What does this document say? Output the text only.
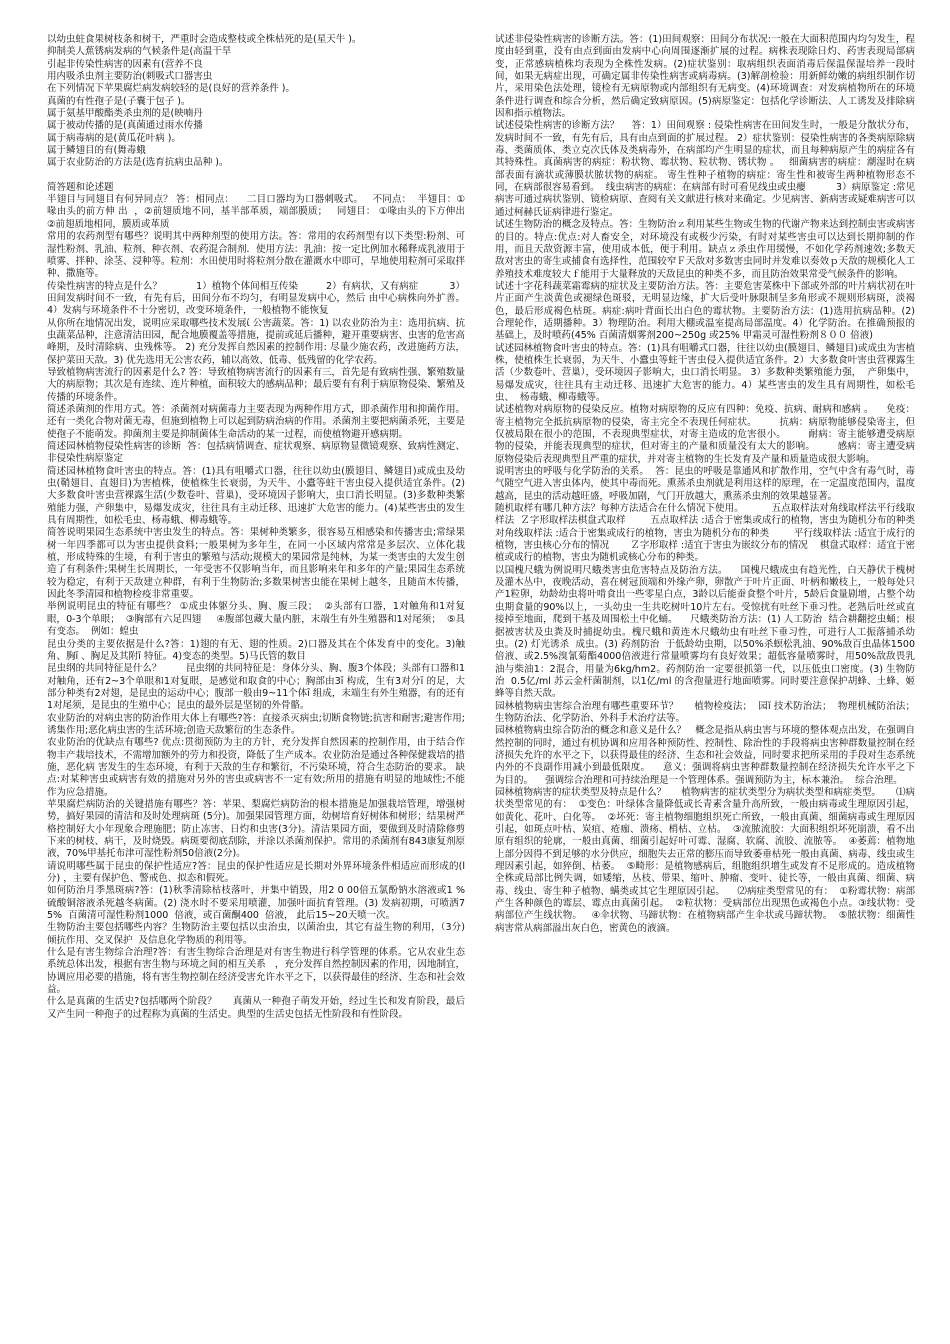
以幼虫蛀食果树枝条和树干，严重时会造成整枝或全株枯死的是(星天牛 )。
抑制美人蕉锈病发病的气候条件是(高温干旱
引起非传染性病害的因素有(营养不良
用内吸杀虫剂主要防治(刺吸式口器害虫
在下列情况下苹果腐烂病发病较轻的是(良好的营养条件 )。
真菌的有性孢子是(子囊于包子 )。
属于氨基甲酸酯类杀虫剂的是(映喃丹
属于被动传播的是(真菌通过雨水传播
属于病毒病的是(黄瓜花叶病 )。
属于鳞翅目的有(舞毒蛾
属于农业防治的方法是(选育抗病虫品种 )。
简答题和论述题
半翅目与同翅目有何异同点？ 答：相同点：    二目口器均为口器刺吸式。   不同点：  半翅目：①喙由头的前方伸 出  ，②前翅质地不同，基半部革质，端部膜质；   同翅目： ①喙由头的下方伸出   ②前翅质地相同，膜质或革质
常用的农药剂型有哪些？说明其中两种剂型的使用方法。答：常用的农药剂型有以下类型:粉剂、可湿性粉剂、乳油、粒剂、种衣剂、农药混合制剂．使用方法：乳油：按一定比例加水稀释成乳液用于喷雾、拌种、涂茎、浸种等。粒剂：水田使用时将粒剂分散在灌溉水中即可，旱地使用粒剂可采取拌种、撒施等。
传染性病害的特点是什么？           1）植物个体间相互传染         2）有病状，又有病症          3）田间发病时间不一致，有先有后，田间分布不均匀，有明显发病中心，然后 由中心病株向外扩善。      4）发病与环境条件不十分密切，改变环境条件，一般植物不能恢复
从你所在地情况出发，说明应采取哪些技术发展ί 公害蔬菜。答：1) 以农业防治为主：选用抗病、抗虫蔬菜品种，注意清洁田园，配合地膜覆盖等措施，提前或延后播种，避开重要病害、虫害的危害高峰期，及时清除病、虫残株等。 2) 充分发挥自然因素的控制作用: 尽量少施农药，改进施药方法，保护菜田天敌。3) 优先选用无公害农药，辅以高效、低毒、低残留的化学农药。
导致植物病害流行的因素是什么? 答：导致植物病害流行的因素有三，首先是有致病性强、繁殖数量大的病原物；其次是有连续、连片种植，面积较大的感病品种；最后要有有利于病原物侵染、繁殖及传播的环境条件。
简述杀菌剂的作用方式。答：杀菌剂对病菌毒力主要表现为两种作用方式，即杀菌作用和抑菌作用。还有一类化合物对菌无毒，但施到植物上可以起到防病治病的作用。杀菌剂主要把病菌杀死，主要是使孢子不能萌发。抑菌剂主要是抑制菌体生命活动的某一过程，而使植物避开感病期。
简述园林植物侵染性病害的诊断  答：包括病情调查、症状观察、病原物显微镜观察、致病性测定、非侵染性病原鉴定
简述园林植物食叶害虫的特点。答：(1)具有咀嚼式口器，往往以幼虫(膜翅目、鳞翅目)或成虫及幼虫(鞘翅目、直翅目)为害植株，使植株生长衰弱，为天牛、小蠹等蛀干害虫侵入提供适宜条件。(2)大多数食叶害虫营裸露生活(少数卷叶、营巢)，受环境因子影响大，虫口消长明显。(3)多数种类繁殖能力强，产卵集中，易爆发成灾，往往具有主动迁移、迅速扩大危害的能力。(4)某些害虫的发生具有周期性，如松毛虫、杨毒蛾、柳毒蛾等。
简答说明果园生态系统中害虫发生的特点。答：果树种类繁多，很容易互相感染和传播害虫;常绿果树一年四季都可以为害虫提供食料;一般果树为多年生，在同一小区域内常常是多层次、立体化栽植，形成特殊的生境，有利于害虫的繁殖与活动;规模大的果园常是纯林，为某一类害虫的大发生创造了有利条件;果树生长周期长，一年受害不仅影响当年，而且影响来年和多年的产量;果园生态系统较为稳定，有利于天敌建立种群，有利于生物防治;多数果树害虫能在果树上越冬，且随苗木传播，因此冬季清园和植物检疫非常重要。
举例说明昆虫的特征有哪些？ ①成虫体躯分头、胸、腹三段；  ②头部有口器，1对触角和1对复眼，0-3个单眼；  ③胸部有六足四翅     ④腹部包藏大量内脏，末端生有外生殖器和1对尾须；  ⑤具有变态。  例如：蝗虫
昆虫分类的主要依据是什么?答：1)翅的有无、翅的性质。2)口器及其在个体发育中的变化。3)触角、胸ī 、胸足及其附ī 特征。4)变态的类型。5)马氏管的数目
昆虫纲的共同特征是什么？        昆虫纲的共同特征是：身体分头、胸、腹3个体段；头部有口器和1对触角，还有2~3个单眼和1对复眼，是感觉和取食的中心；胸部由3ī 构成，生有3对分ī 的足，大部分种类有2对翅，是昆虫的运动中心；腹部一般由9~11个体ī 组成，末端生有外生殖器，有的还有1对尾须，是昆虫的生殖中心；昆虫的最外层是坚韧的外骨骼。
农业防治的对病虫害的防治作用大体上有哪些?答：直接杀灭病虫;切断食物链;抗害和耐害;避害作用;诱集作用;恶化病虫害的生活环境;创造天敌繁衍的生态条件。
农业防治的优缺点有哪些? 优点:贯彻预防为主的方针，充分发挥自然因素的控制作用，由于结合作物丰产栽培技术，不需增加额外的劳力和投资，降低了生产成本。农业防治是通过各种保健栽培的措施，恶化病 害发生的生态环境，有利于天敌的生存和繁衍，不污染环境，符合生态防治的要求。 缺点:对某种害虫或病害有效的措施对另外的害虫或病害不一定有效;所用的措施有明显的地域性;不能作为应急措施。
苹果腐烂病防治的关键措施有哪些？答：苹果、梨腐烂病防治的根本措施是加强栽培管理，增强树势，搞好果园的清洁和及时处理病斑 (5分)。加强果园管理方面，幼树培育好树体和树形；结果树严格控制好大小年现象合理施肥；防止冻害、日灼和虫害(3分)。清洁果园方面，要做到及时清除修剪下来的树枝、病干，及时烧毁。病斑要彻底刮除，并涂以杀菌剂保护。常用的杀菌剂有843康复剂原液，70%甲基托布津可湿性粉剂50倍液(2分)。
请说明哪些属于昆虫的保护性适应?答：昆虫的保护性适应是长期对外界环境条件相适应而形成的(l 分) ，主要有保护色、警戒色、拟态和假死。
如何防治月季黑斑病?答：(1)秋季清除枯枝落叶，并集中销毁，用2 0 00倍五氯酚钠水溶液或1 %硫酸铜溶液杀死越冬病菌。(2) 浇水时不要采用喷灌，加强叶面抗育管理。(3) 发病初期，可喷洒75%  百菌清可湿性粉剂1000  倍液，或百菌酮400  倍液， 此后15~20天喷一次。
生物防治主要包括哪些内容？生物防治主要包括以虫治虫，以菌治虫，其它有益生物的利用，（3分)倾抗作用、交叉保护  及信息化学物质的利用等。
什么是有害生物综合治理?答：有害生物综合治理是对有害生物进行科学管理的体系。它从农业生态系统总体出发，根据有害生物与环境之间的相互关系   ，充分发挥自然控制因素的作用，因地制宜，协调应用必要的措施，将有害生物控制在经济受害允许水平之下，以获得最佳的经济、生态和社会效益。
什么是真菌的生活史?包括哪两个阶段？     真菌从一种孢子萌发开始，经过生长和发育阶段，最后又产生同一种孢子的过程称为真菌的生活史。典型的生活史包括无性阶段和有性阶段。
试述非侵染性病害的诊断方法。答：(1)田间观察：田间分布状况:一般在大面积范围内均匀发生，程度由轻到重，没有由点到面由发病中心向周围逐渐扩展的过程。病株表现除日灼、药害表现局部病变，正常感病植株均表现为全株性发病。(2)症状鉴别：取病组织表面消毒后保温保湿培养一段时间，如果无病症出现，可确定属非传染性病害或病毒病。(3)解剖检验：用新鲜幼嫩的病组织制作切片，采用染色法处理，镜检有无病原物或内部组织有无病变。(4)环境调查：对发病植物所在的环境条件进行调查和综合分析，然后确定致病原因。(5)病原鉴定：包括化学诊断法、人工诱发及排除病因和指示植物法。
试述侵染性病害的诊断方法？    答：1）田间观察 : 侵染性病害在田间发生时，一般是分散状分布，发病时间不一致，有先有后，具有由点到面的扩展过程。 2）症状鉴别：侵染性病害的各类病原除病毒、类菌质体、类立克次氏体及类病毒外，在病部均产生明显的症状，而且每种病原产生的病症各有其特殊性。真菌病害的病症：粉状物、霉状物、粒状物、锈状物 。   细菌病害的病症：潮湿时在病部表面有滴状或薄膜状脓状物的病症。 寄生性种子植物的病症：寄生性和被寄生两种植物形态不同，在病部很容易看到。  线虫病害的病症：在病部有时可看见线虫或虫瘿          3）病原鉴定 :常见病害可通过病状鉴别、镜检病原、查阅有关文献进行核对来确定。少见病害、新病害或疑难病害可以通过柯赫氏证病律进行鉴定。
试述生物防治的概念及特点。答：生物防治ｚ利用某些生物或生物的代谢产物来达到控制虫害或病害的目的。特点:优点:对人畜安全，对环境没有或极少污染，有时对某些害虫可以达到长期抑制的作用，而且天敌资源丰富，使用成本低，便于利用。缺点ｚ杀虫作用缓慢，不如化学药剂速效;多数天敌对害虫的寄生或捕食有选择性，范围较窄Ｆ天敌对多数害虫同时并发难以奏效ｐ天敌的规模化人工养殖技术难度较大ｆ能用于大量释放的天敌昆虫的种类不多，而且防治效果常受气候条件的影响。
试述十字花科蔬菜霜霉病的症状及主要防治方法。答：主要危害菜株中下部或外部的叶片病状初在叶片正面产生淡黄色或褪绿色斑驳，无明显边缘，扩大后受叶脉限制呈多角形或不规则形病斑，淡褐色，最后形成褐色枯斑。病症:病叶背面长出白色的霉状物。主要防治方法：(1)选用抗病品种。(2) 合理轮作，适期播种。3）物理防治。利用大棚或温室提高局部温度。4）化学防治。在推确预报的基础上，及时喷药(45% 百菌清烟雾剂200~250g 或25% 甲霜灵可湿性粉剂８００ 倍液)
试述园林植物食叶害虫的特点。答：(1)具有咀嚼式口器，往往以幼虫(膜翅目、鳞翅目)或成虫为害植株，使植株生长衰弱，为天牛、小蠹虫等蛀干害虫侵入提供适宜条件。2）大多数食叶害虫营裸露生活（少数卷叶、营巢），受环境因子影响大，虫口消长明显。 3）多数种类繁殖能力强，  产卵集中，  易爆发成灾，往往具有主动迁移、迅速扩大危害的能力。4）某些害虫的发生具有周期性，如松毛虫、  杨毒蛾、柳毒蛾等。
试述植物对病原物的侵染反应。植物对病原物的反应有四种：免疫、抗病、耐病和感病 。    免疫：寄主植物完全抵抗病原物的侵染，寄主完全不表现任何症状。       抗病：病原物能够侵染寄主，但仅被局限在很小的范围，不表现典型症状，对寄主造成的危害很小。       耐病：寄主能够遭受病原物的侵染，并能表现典型的症状，但对寄主的产量和质量没有太大的影响。       感病：寄主遭受病原物侵染后表现典型且严重的症状，并对寄主植物的生长发育及产量和质量造成很大影响。
说明害虫的呼吸与化学防治的关系。  答：昆虫的呼吸是靠通风和扩散作用，空气中含有毒气时，毒气随空气进入害虫体内，使其中毒而死。熏蒸杀虫剂就是利用这样的原理，在一定温度范围内，温度越高，昆虫的活动越旺盛，呼吸加剧，气门开放越大，熏蒸杀虫剂的效果越显著。
随机取样有哪几种方法？每种方法适合在什么情况下使用。         五点取样法对角线取样法平行线取样法  Ｚ字形取样法棋盘式取样        五点取样法 :适合于密集或成行的植物，害虫为随机分布的种类        对角线取样法 :适合于密集或成行的植物，害虫为随机分布的种类        平行线取样法 :适宜于成行的植物，害虫核心分布的情况       Ｚ字形取样 :适宜于害虫为嵌纹分布的情况    棋盘式取样：适宜于密植或成行的植物，害虫为随机或核心分布的种类。
以国槐尺蛾为例说明尺蛾类害虫危害特点及防治方法。    国槐尺蛾成虫有趋光性，白天静伏于槐树及灌木丛中，夜晚活动，喜在树冠顶端和外缘产卵，卵散产于叶片正面、叶柄和嫩枝上，一般每处只产1粒卵，幼龄幼虫将叶啃食出一些零星白点，3龄以后能蚕食整个叶片，5龄后食量剧增，占整个幼虫期食量的90%以上，一头幼虫一生共吃树叶10片左右。受惊扰有吐丝下垂习性。老熟后吐丝或直接掉至地面，爬到干基及周围松土中化蛹。    尺蛾类防治方法：(1) 人工防治  结合耕翻挖虫蛹；根据被害状及虫粪及时捕捉幼虫。槐尺蛾和黄连木尺蛾幼虫有吐丝下垂习性，可进行人工振落捕杀幼虫。(2) 灯光诱杀  成虫。(3) 药剂防治  于低龄幼虫期，以50%杀螟松乳油、90%敌百虫晶体1500倍液、或2.5%溴氰菊酯4000倍液进行常量喷雾均有良好效果；超低容量喷雾时，用50%敌敌畏乳油与柴油1：2混合，用量为6kg/hm2。药剂防治一定要很抓第一代，以压低虫口密度。(3) 生物防治  0.5亿/ml 苏云金杆菌制剂，以1亿/ml 的含孢量进行地面喷雾。同时要注意保护胡蜂、土蜂、姬蜂等自然天敌。
园林植物病虫害综合治理有哪些重要环节？     植物检疫法；  园ĭ 技术防治法；  物理机械防治法；     生物防治法、化学防治、外科手术治疗法等。
园林植物病虫综合防治的概念和意义是什么？   概念是指从病虫害与环境的整体观点出发，在强调自然控制的同时，通过有机协调和应用各种预防性、控制性、除治性的手段将病虫害种群数量控制在经济损失允许的水平之下，以获得最佳的经济、生态和社会效益，同时要求把所采用的手段对生态系统内外的不良副作用减小到最低限度。    意义：强调将病虫害种群数量控制在经济损失允许水平之下为目的。    强调综合治理和可持续治理是一个管理体系。强调预防为主，标本兼治。  综合治理。
园林植物病害的症状类型及特点是什么？     植物病害的症状类型分为病状类型和病症类型。     ⑴病状类型常见的有：  ①变色：叶绿体含量降低或长青素含量升高所致，一般由病毒或生理原因引起，如黄化、花叶、白化等。  ②坏死：寄主植物细胞组织死亡所致，一般由真菌、细菌病毒或生理原因引起，如斑点叶枯、炭疽、疮痂、溃疡、梢枯、立枯。  ③流脓流胶：大面积组织坏死崩溃，看不出原有组织的轮廓，一般由真菌、细菌引起好叶可霉、湿腐、软腐、流胶、流脓等。  ④萎蔫：植物地上部分因得不到足够的水分供应，细胞失去正常的膨压而导致萎垂枯死一般由真菌、病毒、线虫或生理因素引起，如猝倒、枯萎。  ⑤畸形：是植物感病后，组胞组织增生或发育不足形成的。造成植物全株或局部比例失调，如矮缩，丛枝、带果、缩叶、肿瘤、变叶、徒长等，一般由真菌、细菌、病毒、线虫、寄生种子植物、螨类或其它生理原因引起。    ⑵病症类型常见的有：  ①粉霉状物：病部产生各种颜色的霉层、霉点由真菌引起。  ②粒状物：受病部位出现黑色或褐色小点。③线状物：受病部位产生线状物。   ④伞状物、马蹄状物：在植物病部产生伞状或马蹄状物。  ⑤脓状物：细菌性病害常从病部溢出灰白色，密黄色的液滴。
